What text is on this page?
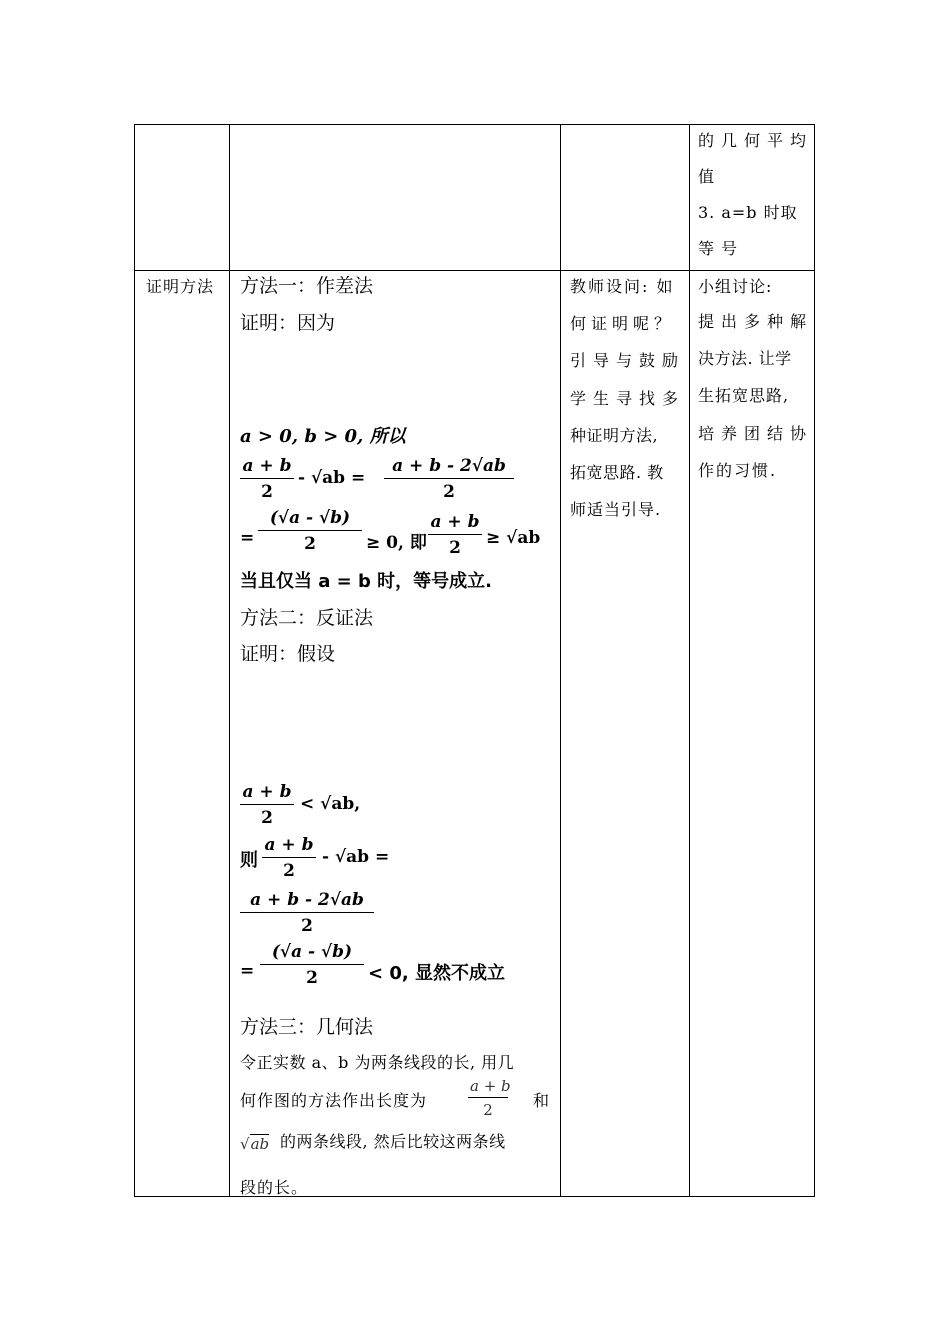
的几何平均
值
3. a=b 时取
等号
证明方法 方法一：作差法
证明：因为
a > 0, b > 0, 所以
$\frac{a + b}{2} - √ab = \frac{a + b - 2√ab}{2}$
= $\frac{(√a - √b)}{2} \ge 0$, 即 $\frac{a + b}{2} \ge √ab$
当且仅当 a = b 时，等号成立.
方法二：反证法
证明：假设
$\frac{a + b}{2} < √ab$,
则 $\frac{a + b}{2} - √ab$ =
$\frac{a + b - 2√ab}{2}$
= $\frac{(√a - √b)}{2} < 0$, 显然不成立
方法三：几何法
令正实数 a、b 为两条线段的长, 用几
何作图的方法作出长度为	$\frac{a + b}{2}$ 和
√ab 的两条线段, 然后比较这两条线
段的长。
教师设问: 如
何证明呢？
引导与鼓励
学生寻找多
种证明方法,
拓宽思路. 教
师适当引导.
小组讨论:
提出多种解
决方法. 让学
生拓宽思路,
培养团结协
作的习惯.
